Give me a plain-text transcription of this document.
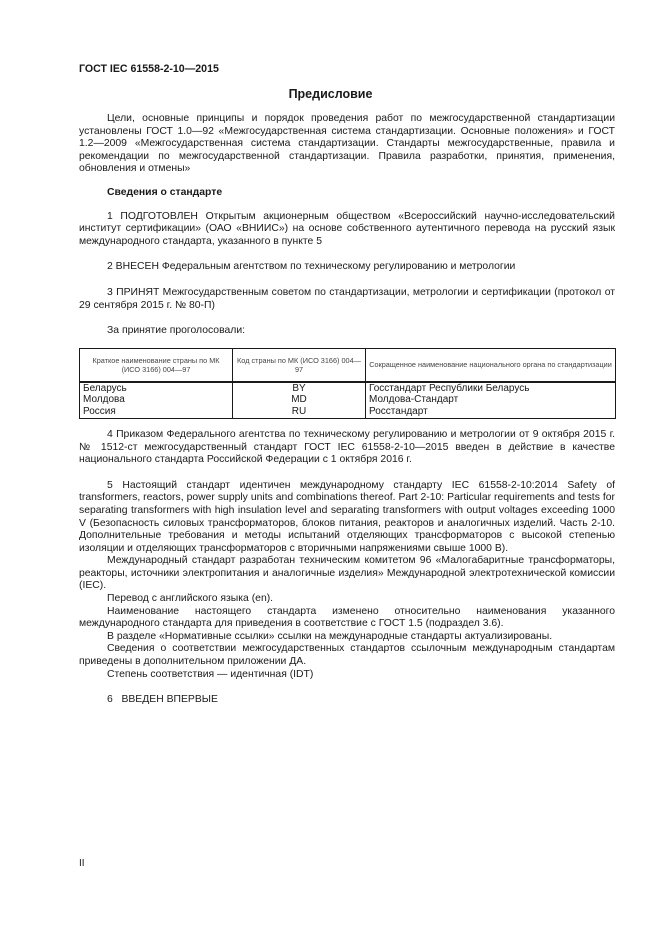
ГОСТ IEC 61558-2-10—2015
Предисловие

Цели, основные принципы и порядок проведения работ по межгосударственной стандартизации установлены ГОСТ 1.0—92 «Межгосударственная система стандартизации. Основные положения» и ГОСТ 1.2—2009 «Межгосударственная система стандартизации. Стандарты межгосударственные, правила и рекомендации по межгосударственной стандартизации. Правила разработки, принятия, применения, обновления и отмены»

Сведения о стандарте

1 ПОДГОТОВЛЕН Открытым акционерным обществом «Всероссийский научно-исследовательский институт сертификации» (ОАО «ВНИИС») на основе собственного аутентичного перевода на русский язык международного стандарта, указанного в пункте 5

2 ВНЕСЕН Федеральным агентством по техническому регулированию и метрологии

3 ПРИНЯТ Межгосударственным советом по стандартизации, метрологии и сертификации (протокол от 29 сентября 2015 г. № 80-П)

За принятие проголосовали:

Краткое наименование страны по МК (ИСО 3166) 004—97	Код страны по МК (ИСО 3166) 004—97	Сокращенное наименование национального органа по стандартизации
Беларусь	BY	Госстандарт Республики Беларусь
Молдова	MD	Молдова-Стандарт
Россия	RU	Росстандарт

4 Приказом Федерального агентства по техническому регулированию и метрологии от 9 октября 2015 г. № 1512-ст межгосударственный стандарт ГОСТ IEC 61558-2-10—2015 введен в действие в качестве национального стандарта Российской Федерации с 1 октября 2016 г.

5 Настоящий стандарт идентичен международному стандарту IEC 61558-2-10:2014 Safety of transformers, reactors, power supply units and combinations thereof. Part 2-10: Particular requirements and tests for separating transformers with high insulation level and separating transformers with output voltages exceeding 1000 V (Безопасность силовых трансформаторов, блоков питания, реакторов и аналогичных изделий. Часть 2-10. Дополнительные требования и методы испытаний отделяющих трансформаторов с высокой степенью изоляции и отделяющих трансформаторов с вторичными напряжениями свыше 1000 В).

Международный стандарт разработан техническим комитетом 96 «Малогабаритные трансформаторы, реакторы, источники электропитания и аналогичные изделия» Международной электротехнической комиссии (IEC).

Перевод с английского языка (en).

Наименование настоящего стандарта изменено относительно наименования указанного международного стандарта для приведения в соответствие с ГОСТ 1.5 (подраздел 3.6).

В разделе «Нормативные ссылки» ссылки на международные стандарты актуализированы.

Сведения о соответствии межгосударственных стандартов ссылочным международным стандартам приведены в дополнительном приложении ДА.

Степень соответствия — идентичная (IDT)

6   ВВЕДЕН ВПЕРВЫЕ

II
